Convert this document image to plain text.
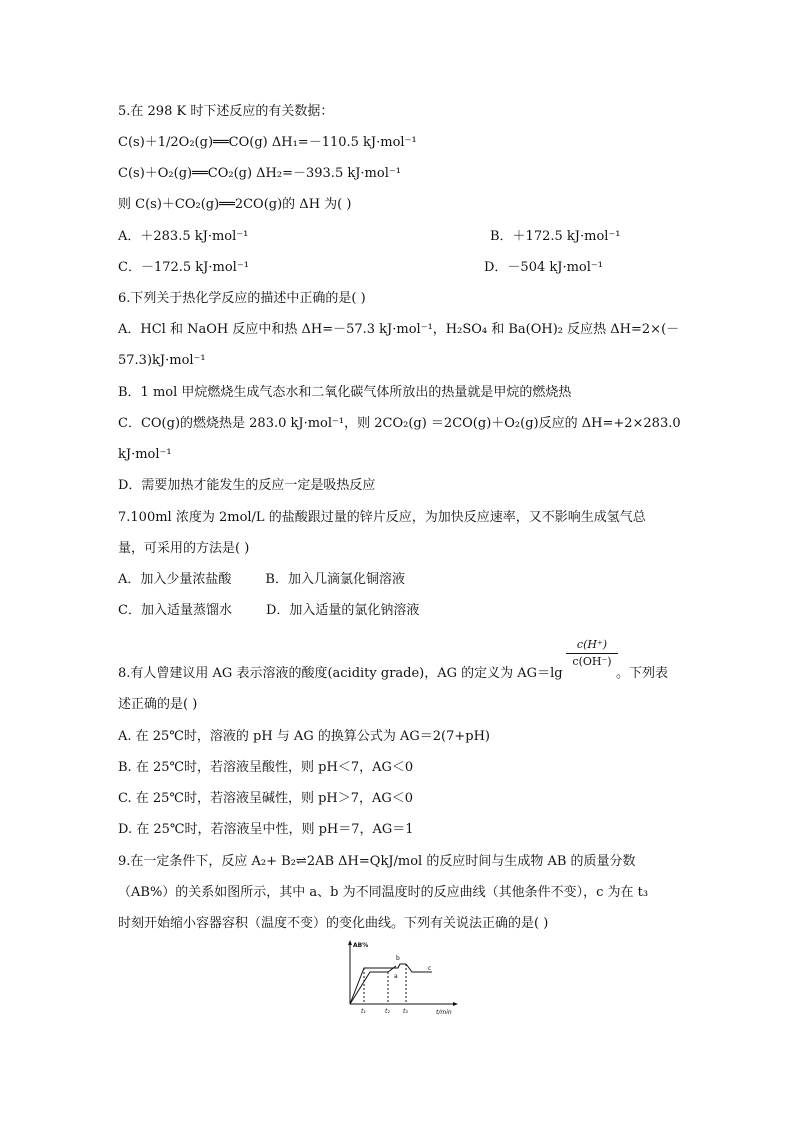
5.在 298 K 时下述反应的有关数据：
C(s)＋1/2O₂(g)══CO(g) ΔH₁=－110.5 kJ·mol⁻¹
C(s)＋O₂(g)══CO₂(g) ΔH₂=－393.5 kJ·mol⁻¹
则 C(s)＋CO₂(g)══2CO(g)的 ΔH 为( )
A．＋283.5 kJ·mol⁻¹	B．＋172.5 kJ·mol⁻¹
C．－172.5 kJ·mol⁻¹	D．－504 kJ·mol⁻¹
6.下列关于热化学反应的描述中正确的是( )
A．HCl 和 NaOH 反应中和热 ΔH=－57.3 kJ·mol⁻¹，H₂SO₄ 和 Ba(OH)₂ 反应热 ΔH=2×(－
57.3)kJ·mol⁻¹
B．1 mol 甲烷燃烧生成气态水和二氧化碳气体所放出的热量就是甲烷的燃烧热
C．CO(g)的燃烧热是 283.0 kJ·mol⁻¹，则 2CO₂(g) ＝2CO(g)＋O₂(g)反应的 ΔH=+2×283.0
kJ·mol⁻¹
D．需要加热才能发生的反应一定是吸热反应
7.100ml 浓度为 2mol/L 的盐酸跟过量的锌片反应，为加快反应速率，又不影响生成氢气总
量，可采用的方法是( )
A．加入少量浓盐酸	B．加入几滴氯化铜溶液
C．加入适量蒸馏水	D．加入适量的氯化钠溶液
8.有人曾建议用 AG 表示溶液的酸度(acidity grade)，AG 的定义为 AG＝lg	。下列表
c(H⁺)
c(OH⁻)
述正确的是( )
A. 在 25℃时，溶液的 pH 与 AG 的换算公式为 AG＝2(7+pH)
B. 在 25℃时，若溶液呈酸性，则 pH＜7，AG＜0
C. 在 25℃时，若溶液呈碱性，则 pH＞7，AG＜0
D. 在 25℃时，若溶液呈中性，则 pH＝7，AG＝1
9.在一定条件下，反应 A₂+ B₂⇌2AB ΔH=QkJ/mol 的反应时间与生成物 AB 的质量分数
（AB%）的关系如图所示，其中 a、b 为不同温度时的反应曲线（其他条件不变），c 为在 t₃
时刻开始缩小容器容积（温度不变）的变化曲线。下列有关说法正确的是( )
AB%
t/min
a
b
c
t₁	t₂ t₃
